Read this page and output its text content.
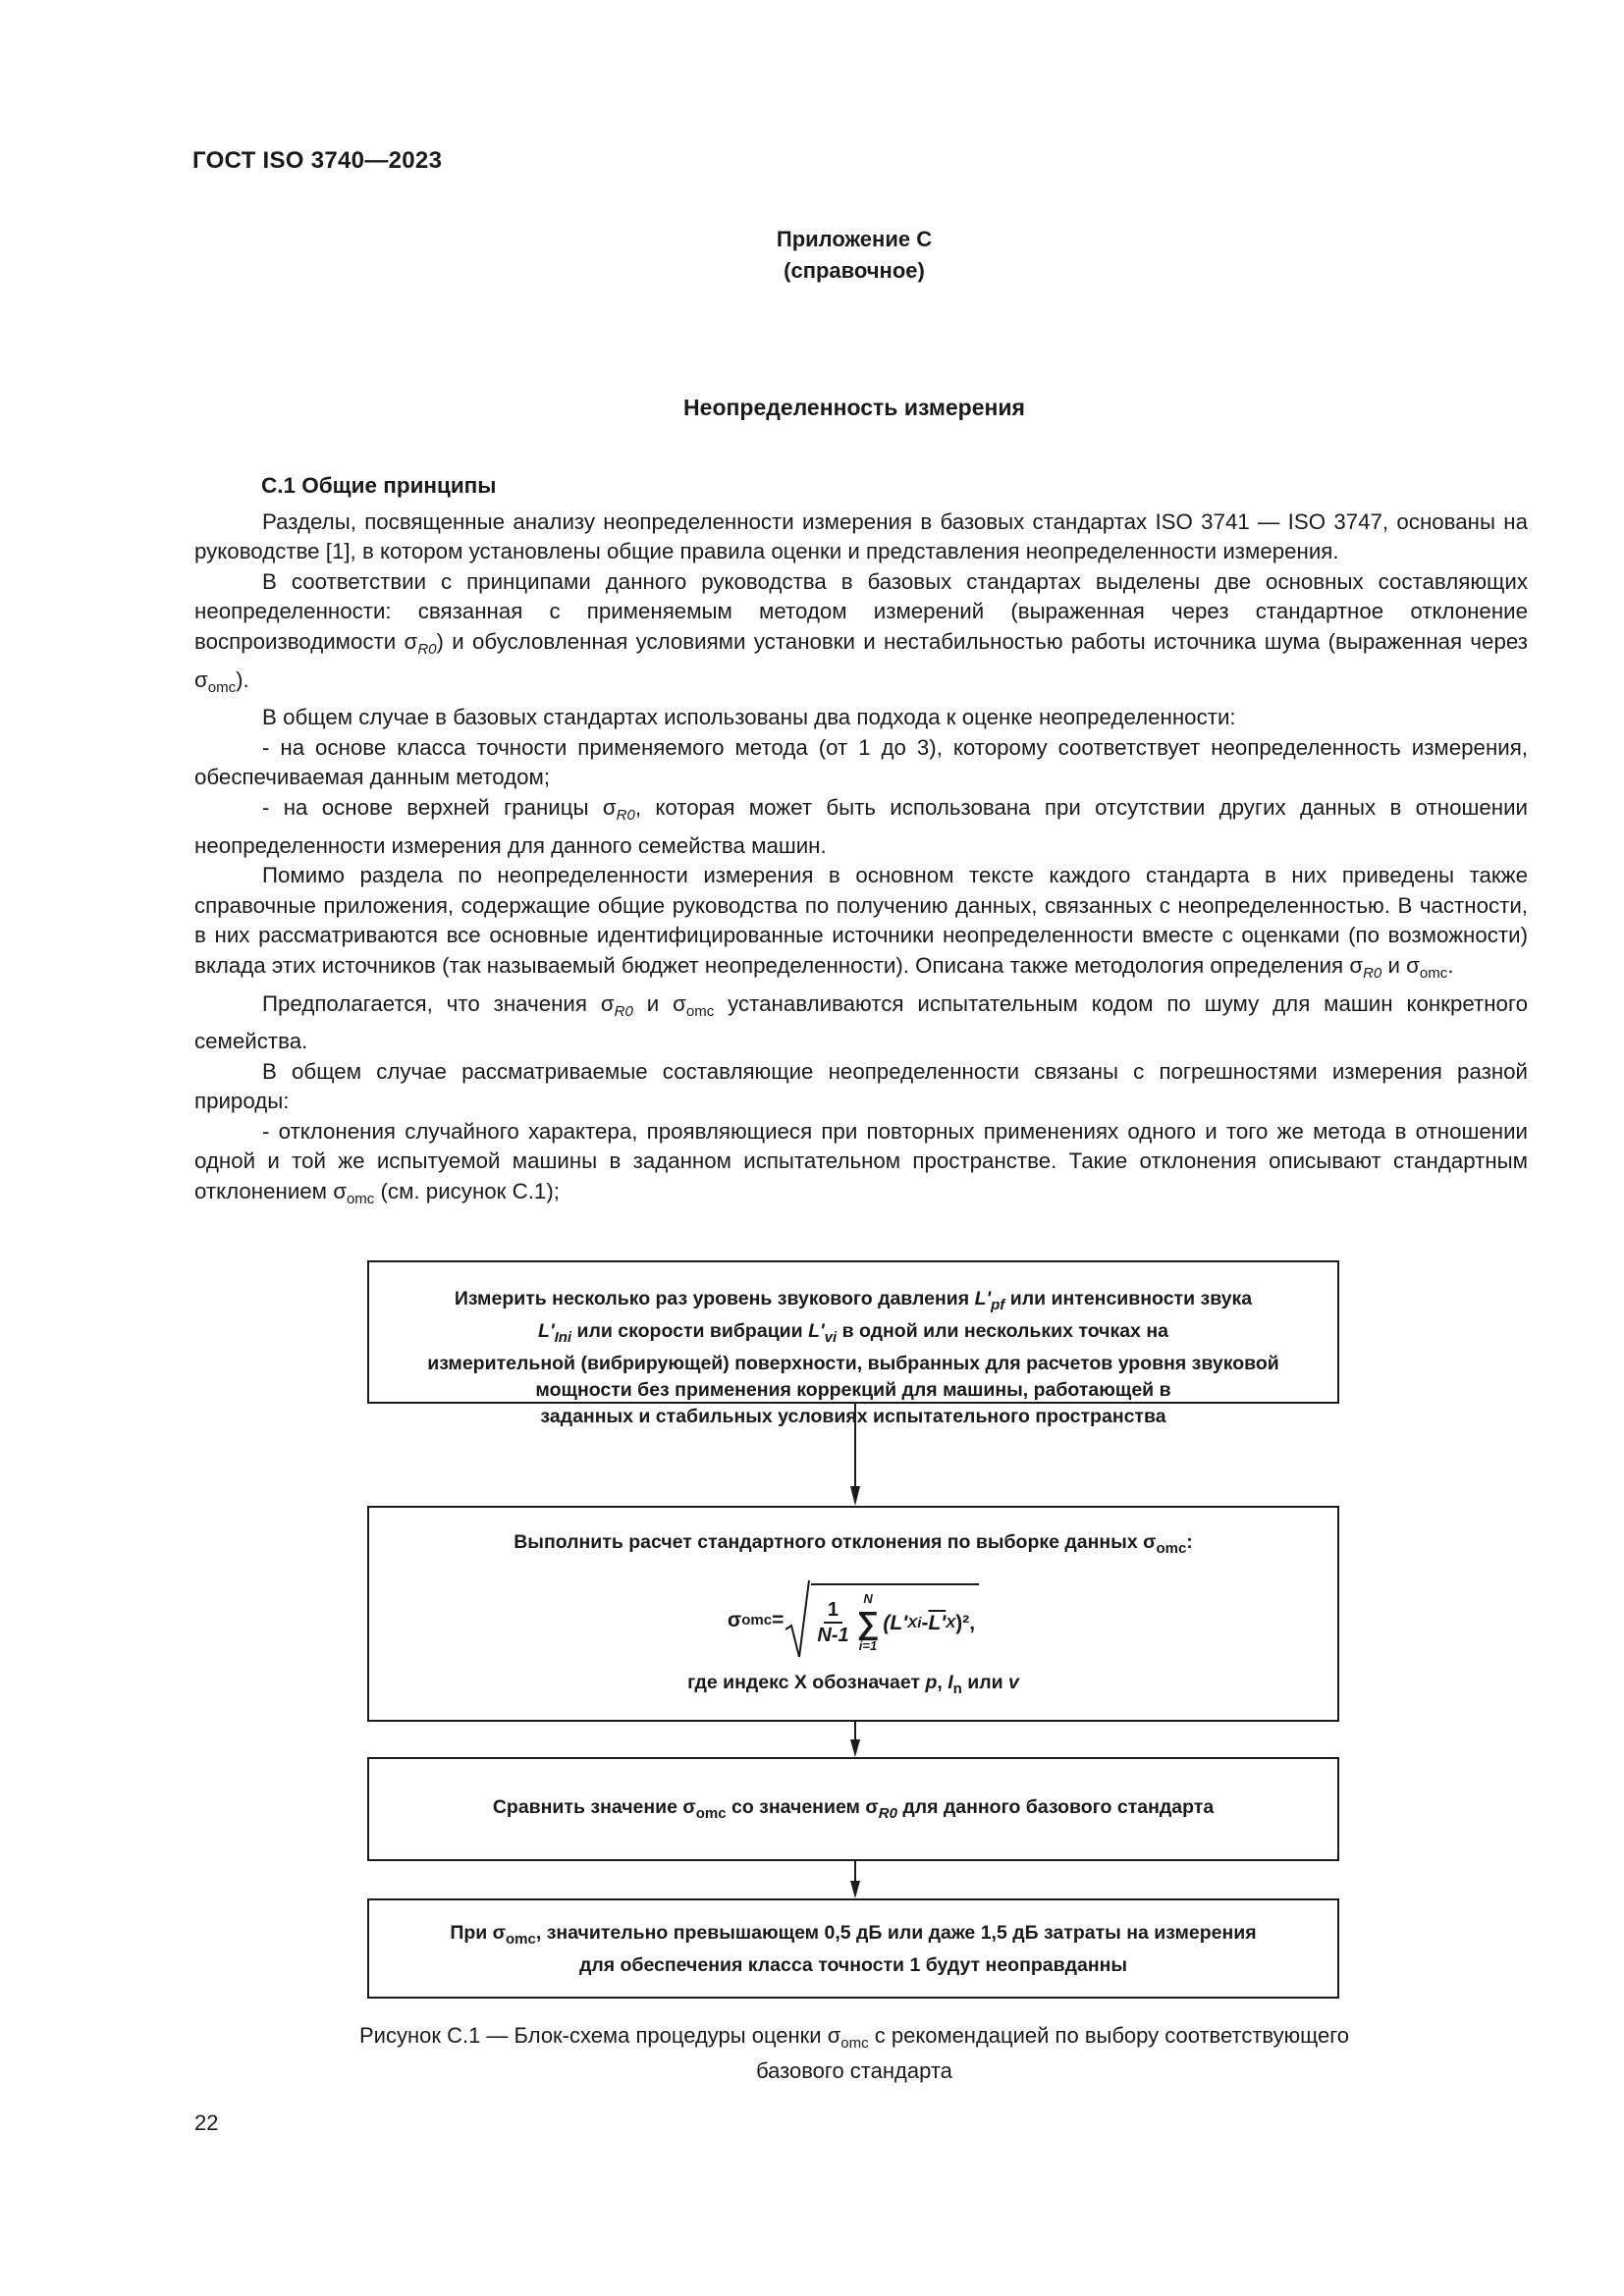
ГОСТ ISO 3740—2023
Приложение С
(справочное)
Неопределенность измерения
С.1 Общие принципы

Разделы, посвященные анализу неопределенности измерения в базовых стандартах ISO 3741 — ISO 3747, основаны на руководстве [1], в котором установлены общие правила оценки и представления неопределенности измерения.

В соответствии с принципами данного руководства в базовых стандартах выделены две основных составляющих неопределенности: связанная с применяемым методом измерений (выраженная через стандартное отклонение воспроизводимости $\sigma_{R0}$) и обусловленная условиями установки и нестабильностью работы источника шума (выраженная через $\sigma_{omc}$).

В общем случае в базовых стандартах использованы два подхода к оценке неопределенности:

- на основе класса точности применяемого метода (от 1 до 3), которому соответствует неопределенность измерения, обеспечиваемая данным методом;

- на основе верхней границы $\sigma_{R0}$, которая может быть использована при отсутствии других данных в отношении неопределенности измерения для данного семейства машин.

Помимо раздела по неопределенности измерения в основном тексте каждого стандарта в них приведены также справочные приложения, содержащие общие руководства по получению данных, связанных с неопределенностью. В частности, в них рассматриваются все основные идентифицированные источники неопределенности вместе с оценками (по возможности) вклада этих источников (так называемый бюджет неопределенности). Описана также методология определения $\sigma_{R0}$ и $\sigma_{omc}$.

Предполагается, что значения $\sigma_{R0}$ и $\sigma_{omc}$ устанавливаются испытательным кодом по шуму для машин конкретного семейства.

В общем случае рассматриваемые составляющие неопределенности связаны с погрешностями измерения разной природы:

- отклонения случайного характера, проявляющиеся при повторных применениях одного и того же метода в отношении одной и той же испытуемой машины в заданном испытательном пространстве. Такие отклонения описывают стандартным отклонением $\sigma_{omc}$ (см. рисунок С.1);

Измерить несколько раз уровень звукового давления $L'_{pf}$ или интенсивности звука
$L'_{Ini}$ или скорости вибрации $L'_{vi}$ в одной или нескольких точках на
измерительной (вибрирующей) поверхности, выбранных для расчетов уровня звуковой
мощности без применения коррекций для машины, работающей в
заданных и стабильных условиях испытательного пространства
Выполнить расчет стандартного отклонения по выборке данных $\sigma_{omc}$:
σ omc = $\frac{1}{N-1}$ N
∑
i=1
(L' Xi - L' X )²,
где индекс X обозначает p, $I_n$ или v
Сравнить значение $\sigma_{omc}$ со значением $\sigma_{R0}$ для данного базового стандарта
При $\sigma_{omc}$, значительно превышающем 0,5 дБ или даже 1,5 дБ затраты на измерения
для обеспечения класса точности 1 будут неоправданны
Рисунок С.1 — Блок-схема процедуры оценки $\sigma_{omc}$ с рекомендацией по выбору соответствующего
базового стандарта
22
